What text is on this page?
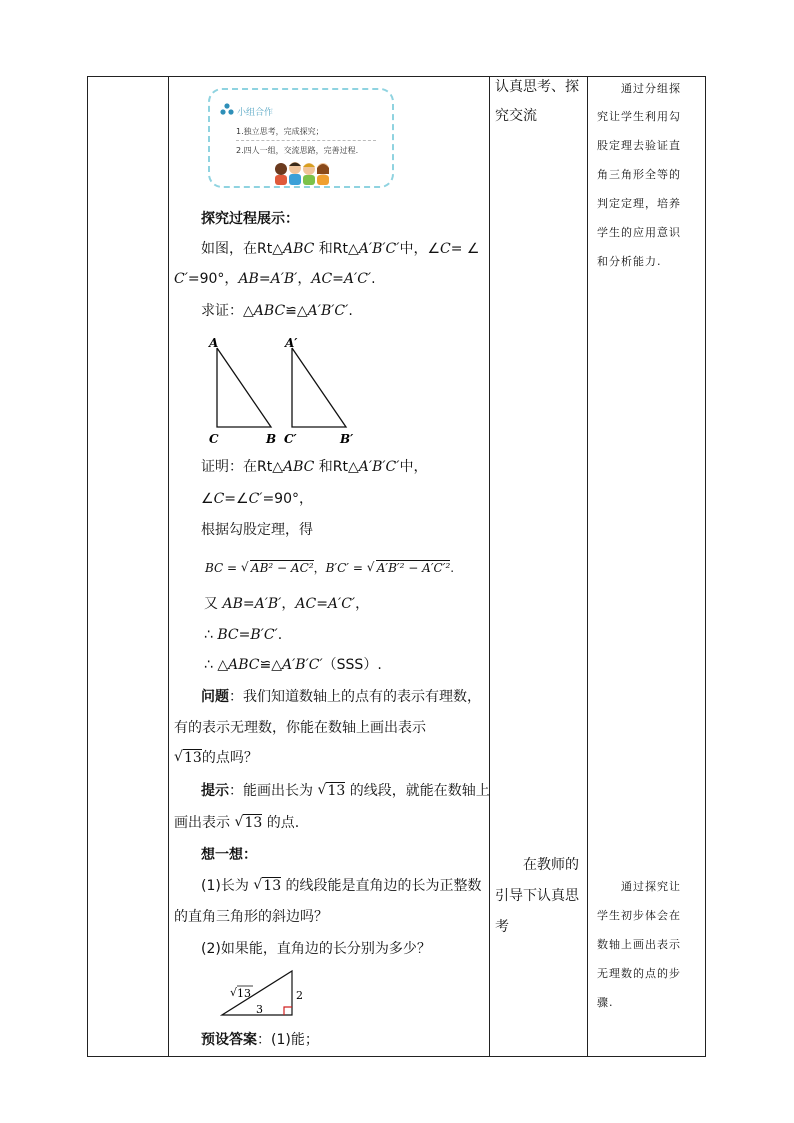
小组合作
1.独立思考，完成探究；
2.四人一组，交流思路，完善过程.
探究过程展示：
如图，在Rt△ABC 和Rt△A′B′C′中，∠C= ∠
C′=90°，AB=A′B′，AC=A′C′.
求证：△ABC≌△A′B′C′.
A
C	B
A′
C′	B′
证明：在Rt△ABC 和Rt△A′B′C′中，
∠C=∠C′=90°，
根据勾股定理，得
BC = √ AB² − AC²，B′C′ = √ A′B′² − A′C′².
又 AB=A′B′，AC=A′C′，
∴ BC=B′C′.
∴ △ABC≌△A′B′C′（SSS）.
问题：我们知道数轴上的点有的表示有理数，
有的表示无理数，你能在数轴上画出表示
√ 13的点吗？
提示：能画出长为 √ 13 的线段，就能在数轴上
画出表示 √ 13 的点.
想一想：
(1)长为 √ 13 的线段能是直角边的长为正整数
的直角三角形的斜边吗？
(2)如果能，直角边的长分别为多少？
√ 13
3
2
预设答案：(1)能；
认真思考、探
究交流
在教师的
引导下认真思
考
通过分组探
究让学生利用勾
股定理去验证直
角三角形全等的
判定定理，培养
学生的应用意识
和分析能力.
通过探究让
学生初步体会在
数轴上画出表示
无理数的点的步
骤.
